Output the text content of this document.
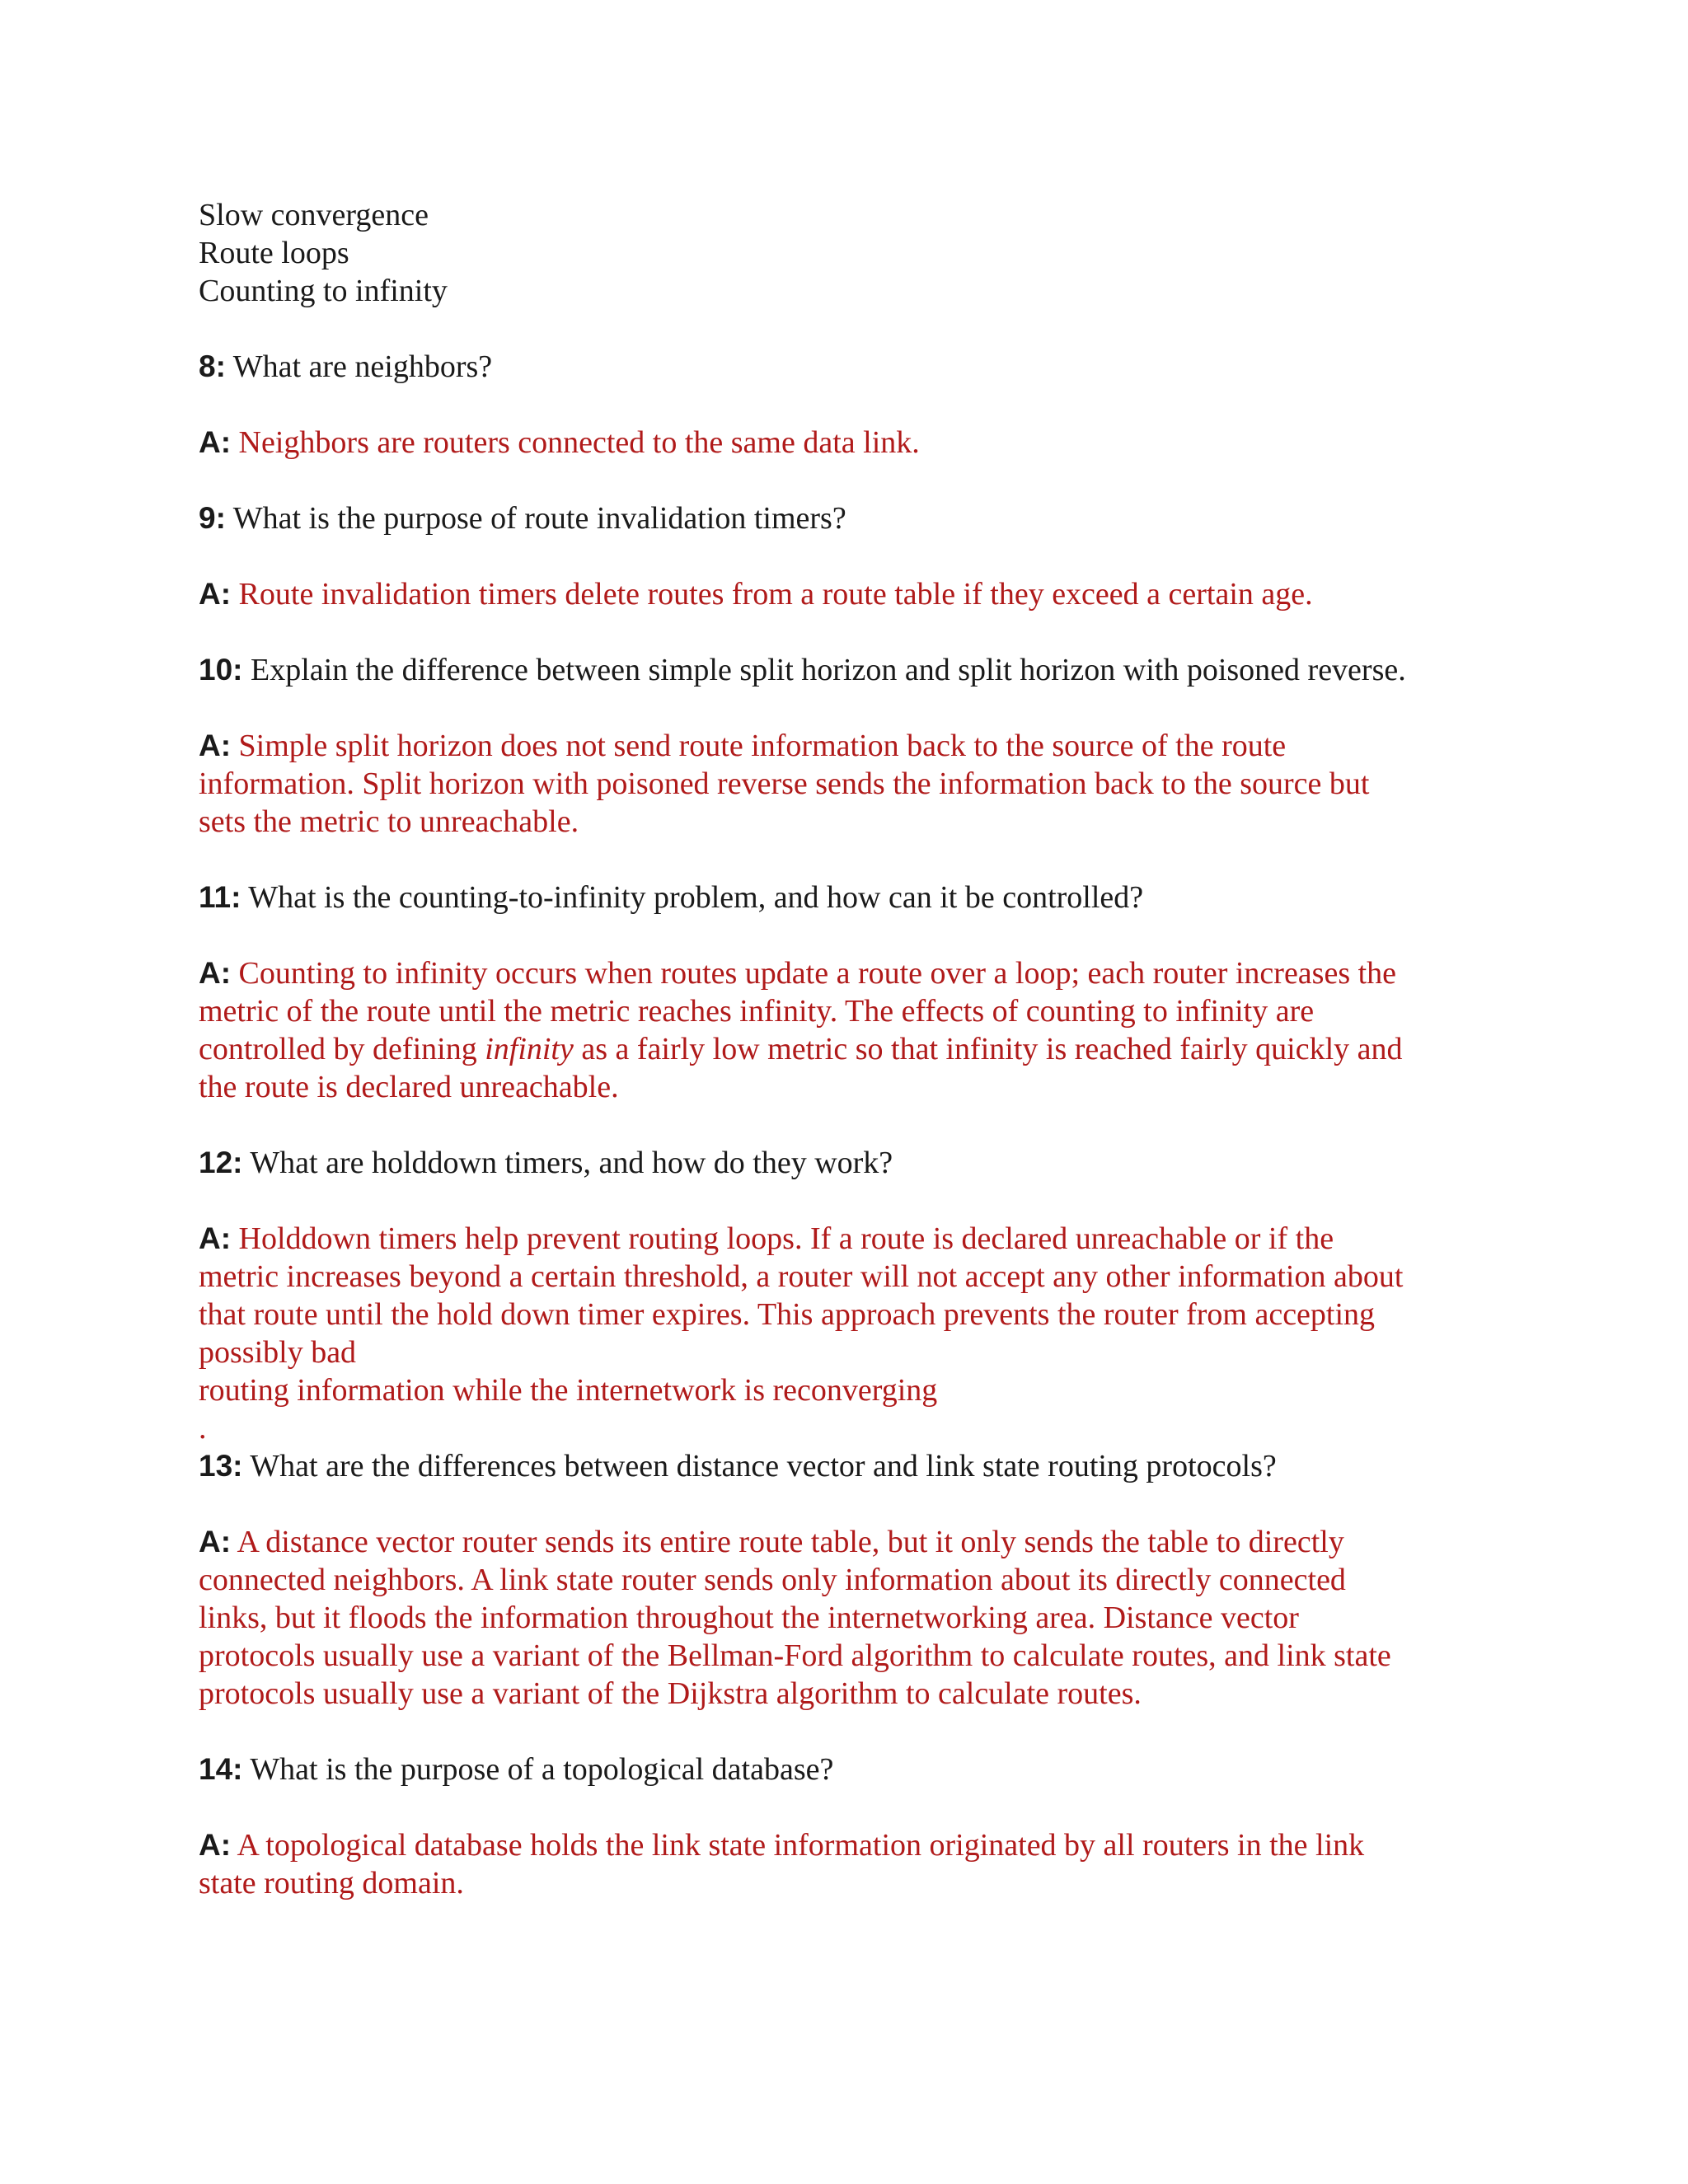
Slow convergence
Route loops
Counting to infinity
8: What are neighbors?
A: Neighbors are routers connected to the same data link.
9: What is the purpose of route invalidation timers?
A: Route invalidation timers delete routes from a route table if they exceed a certain age.
10: Explain the difference between simple split horizon and split horizon with poisoned reverse.
A: Simple split horizon does not send route information back to the source of the route
information. Split horizon with poisoned reverse sends the information back to the source but
sets the metric to unreachable.
11: What is the counting-to-infinity problem, and how can it be controlled?
A: Counting to infinity occurs when routes update a route over a loop; each router increases the
metric of the route until the metric reaches infinity. The effects of counting to infinity are
controlled by defining infinity as a fairly low metric so that infinity is reached fairly quickly and
the route is declared unreachable.
12: What are holddown timers, and how do they work?
A: Holddown timers help prevent routing loops. If a route is declared unreachable or if the
metric increases beyond a certain threshold, a router will not accept any other information about
that route until the hold down timer expires. This approach prevents the router from accepting
possibly bad
routing information while the internetwork is reconverging
.
13: What are the differences between distance vector and link state routing protocols?
A: A distance vector router sends its entire route table, but it only sends the table to directly
connected neighbors. A link state router sends only information about its directly connected
links, but it floods the information throughout the internetworking area. Distance vector
protocols usually use a variant of the Bellman-Ford algorithm to calculate routes, and link state
protocols usually use a variant of the Dijkstra algorithm to calculate routes.
14: What is the purpose of a topological database?
A: A topological database holds the link state information originated by all routers in the link
state routing domain.
